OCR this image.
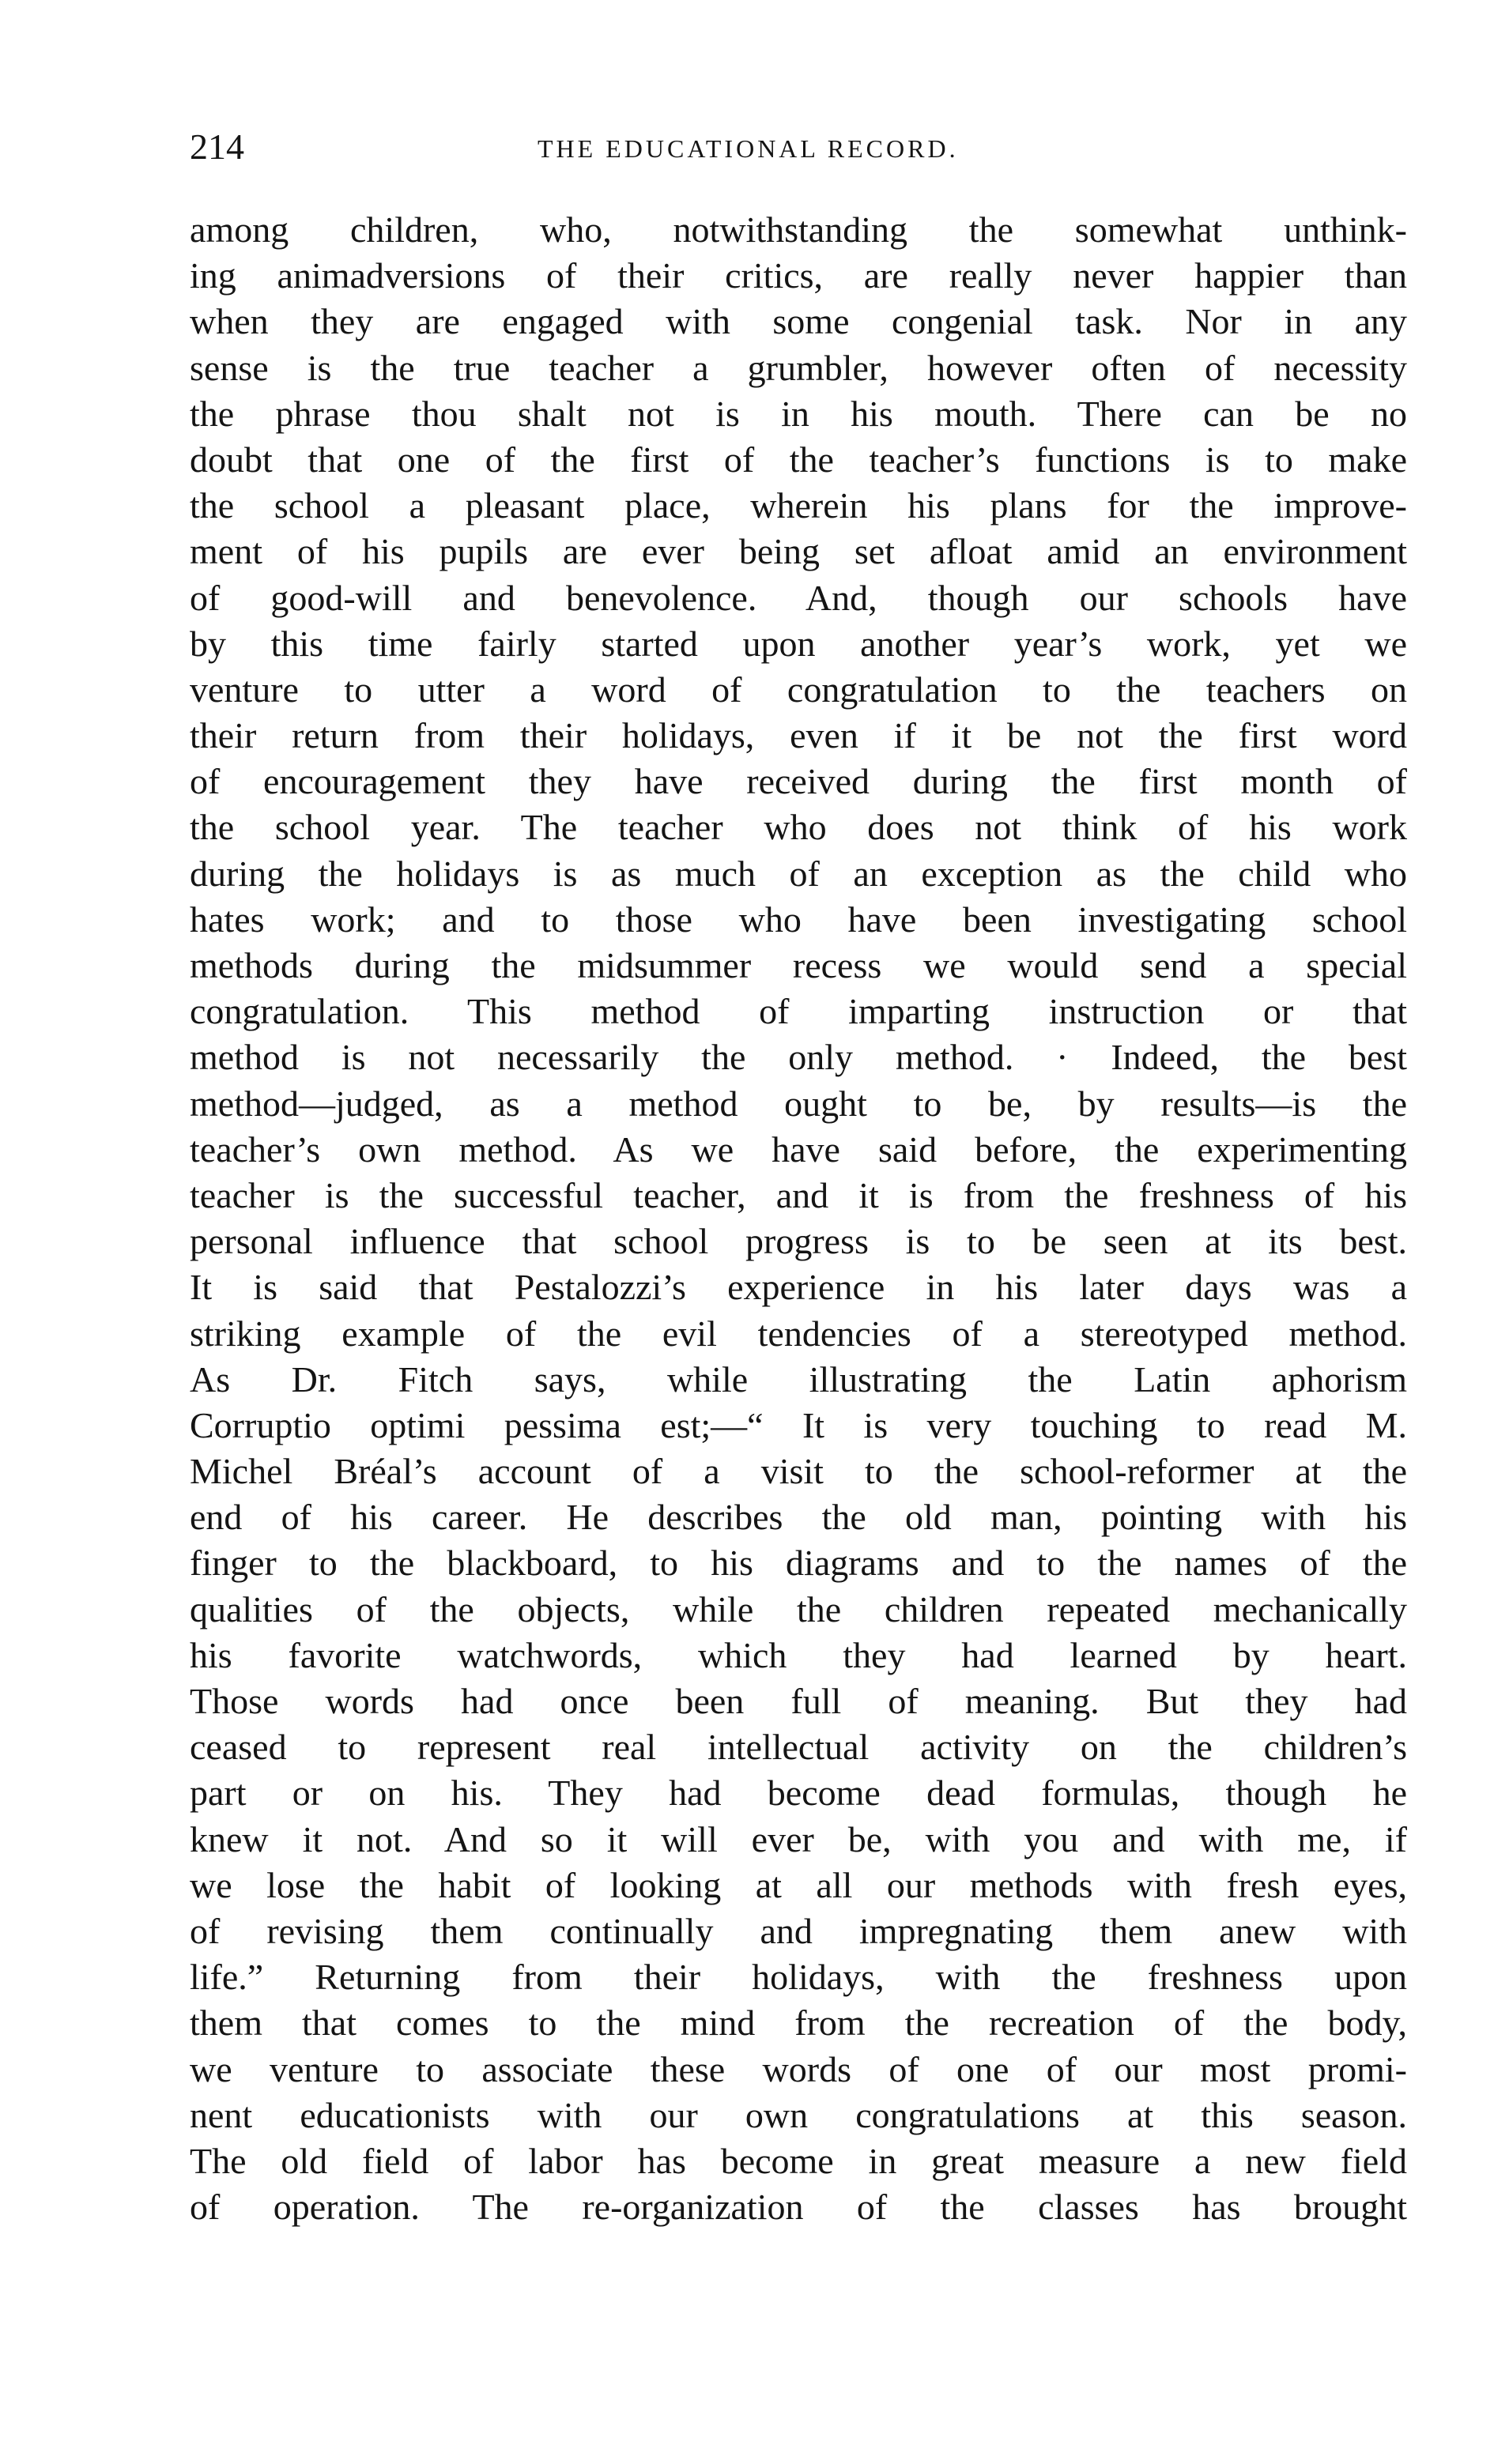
214	THE EDUCATIONAL RECORD.
among children, who, notwithstanding the somewhat unthink-
ing animadversions of their critics, are really never happier than
when they are engaged with some congenial task. Nor in any
sense is the true teacher a grumbler, however often of necessity
the phrase thou shalt not is in his mouth. There can be no
doubt that one of the first of the teacher’s functions is to make
the school a pleasant place, wherein his plans for the improve-
ment of his pupils are ever being set afloat amid an environment
of good-will and benevolence. And, though our schools have
by this time fairly started upon another year’s work, yet we
venture to utter a word of congratulation to the teachers on
their return from their holidays, even if it be not the first word
of encouragement they have received during the first month of
the school year. The teacher who does not think of his work
during the holidays is as much of an exception as the child who
hates work; and to those who have been investigating school
methods during the midsummer recess we would send a special
congratulation. This method of imparting instruction or that
method is not necessarily the only method. · Indeed, the best
method—judged, as a method ought to be, by results—is the
teacher’s own method. As we have said before, the experimenting
teacher is the successful teacher, and it is from the freshness of his
personal influence that school progress is to be seen at its best.
It is said that Pestalozzi’s experience in his later days was a
striking example of the evil tendencies of a stereotyped method.
As Dr. Fitch says, while illustrating the Latin aphorism
Corruptio optimi pessima est;—“ It is very touching to read M.
Michel Bréal’s account of a visit to the school-reformer at the
end of his career. He describes the old man, pointing with his
finger to the blackboard, to his diagrams and to the names of the
qualities of the objects, while the children repeated mechanically
his favorite watchwords, which they had learned by heart.
Those words had once been full of meaning. But they had
ceased to represent real intellectual activity on the children’s
part or on his. They had become dead formulas, though he
knew it not. And so it will ever be, with you and with me, if
we lose the habit of looking at all our methods with fresh eyes,
of revising them continually and impregnating them anew with
life.” Returning from their holidays, with the freshness upon
them that comes to the mind from the recreation of the body,
we venture to associate these words of one of our most promi-
nent educationists with our own congratulations at this season.
The old field of labor has become in great measure a new field
of operation. The re-organization of the classes has brought
